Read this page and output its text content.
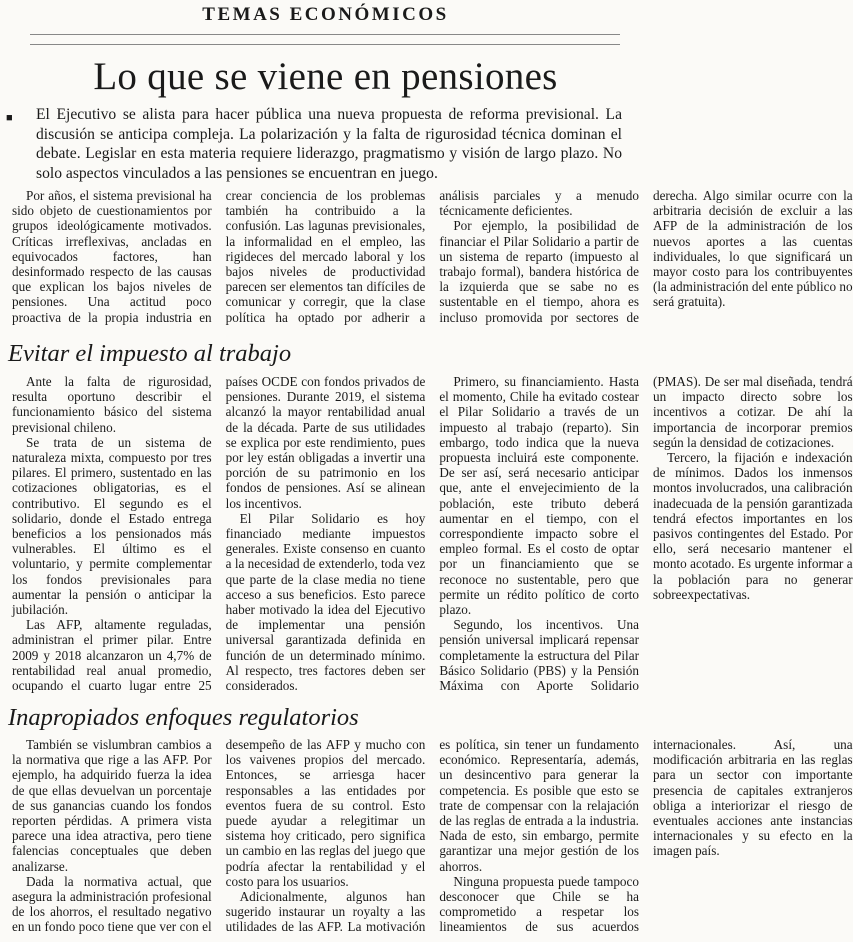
TEMAS ECONÓMICOS
Lo que se viene en pensiones
■ El Ejecutivo se alista para hacer pública una nueva propuesta de reforma previsional. La discusión se anticipa compleja. La polarización y la falta de rigurosidad técnica dominan el debate. Legislar en esta materia requiere liderazgo, pragmatismo y visión de largo plazo. No solo aspectos vinculados a las pensiones se encuentran en juego.

Por años, el sistema previsional ha sido objeto de cuestionamientos por grupos ideológicamente motivados. Críticas irreflexivas, ancladas en equivocados factores, han desinformado respecto de las causas que explican los bajos niveles de pensiones. Una actitud poco proactiva de la propia industria en crear conciencia de los problemas también ha contribuido a la confusión. Las lagunas previsionales, la informalidad en el empleo, las rigideces del mercado laboral y los bajos niveles de productividad parecen ser elementos tan difíciles de comunicar y corregir, que la clase política ha optado por adherir a análisis parciales y a menudo técnicamente deficientes.

Por ejemplo, la posibilidad de financiar el Pilar Solidario a partir de un sistema de reparto (impuesto al trabajo formal), bandera histórica de la izquierda que se sabe no es sustentable en el tiempo, ahora es incluso promovida por sectores de derecha. Algo similar ocurre con la arbitraria decisión de excluir a las AFP de la administración de los nuevos aportes a las cuentas individuales, lo que significará un mayor costo para los contribuyentes (la administración del ente público no será gratuita).

Evitar el impuesto al trabajo

Ante la falta de rigurosidad, resulta oportuno describir el funcionamiento básico del sistema previsional chileno.

Se trata de un sistema de naturaleza mixta, compuesto por tres pilares. El primero, sustentado en las cotizaciones obligatorias, es el contributivo. El segundo es el solidario, donde el Estado entrega beneficios a los pensionados más vulnerables. El último es el voluntario, y permite complementar los fondos previsionales para aumentar la pensión o anticipar la jubilación.

Las AFP, altamente reguladas, administran el primer pilar. Entre 2009 y 2018 alcanzaron un 4,7% de rentabilidad real anual promedio, ocupando el cuarto lugar entre 25 países OCDE con fondos privados de pensiones. Durante 2019, el sistema alcanzó la mayor rentabilidad anual de la década. Parte de sus utilidades se explica por este rendimiento, pues por ley están obligadas a invertir una porción de su patrimonio en los fondos de pensiones. Así se alinean los incentivos.

El Pilar Solidario es hoy financiado mediante impuestos generales. Existe consenso en cuanto a la necesidad de extenderlo, toda vez que parte de la clase media no tiene acceso a sus beneficios. Esto parece haber motivado la idea del Ejecutivo de implementar una pensión universal garantizada definida en función de un determinado mínimo. Al respecto, tres factores deben ser considerados.

Primero, su financiamiento. Hasta el momento, Chile ha evitado costear el Pilar Solidario a través de un impuesto al trabajo (reparto). Sin embargo, todo indica que la nueva propuesta incluirá este componente. De ser así, será necesario anticipar que, ante el envejecimiento de la población, este tributo deberá aumentar en el tiempo, con el correspondiente impacto sobre el empleo formal. Es el costo de optar por un financiamiento que se reconoce no sustentable, pero que permite un rédito político de corto plazo.

Segundo, los incentivos. Una pensión universal implicará repensar completamente la estructura del Pilar Básico Solidario (PBS) y la Pensión Máxima con Aporte Solidario (PMAS). De ser mal diseñada, tendrá un impacto directo sobre los incentivos a cotizar. De ahí la importancia de incorporar premios según la densidad de cotizaciones.

Tercero, la fijación e indexación de mínimos. Dados los inmensos montos involucrados, una calibración inadecuada de la pensión garantizada tendrá efectos importantes en los pasivos contingentes del Estado. Por ello, será necesario mantener el monto acotado. Es urgente informar a la población para no generar sobreexpectativas.

Inapropiados enfoques regulatorios

También se vislumbran cambios a la normativa que rige a las AFP. Por ejemplo, ha adquirido fuerza la idea de que ellas devuelvan un porcentaje de sus ganancias cuando los fondos reporten pérdidas. A primera vista parece una idea atractiva, pero tiene falencias conceptuales que deben analizarse.

Dada la normativa actual, que asegura la administración profesional de los ahorros, el resultado negativo en un fondo poco tiene que ver con el desempeño de las AFP y mucho con los vaivenes propios del mercado. Entonces, se arriesga hacer responsables a las entidades por eventos fuera de su control. Esto puede ayudar a relegitimar un sistema hoy criticado, pero significa un cambio en las reglas del juego que podría afectar la rentabilidad y el costo para los usuarios.

Adicionalmente, algunos han sugerido instaurar un royalty a las utilidades de las AFP. La motivación es política, sin tener un fundamento económico. Representaría, además, un desincentivo para generar la competencia. Es posible que esto se trate de compensar con la relajación de las reglas de entrada a la industria. Nada de esto, sin embargo, permite garantizar una mejor gestión de los ahorros.

Ninguna propuesta puede tampoco desconocer que Chile se ha comprometido a respetar los lineamientos de sus acuerdos internacionales. Así, una modificación arbitraria en las reglas para un sector con importante presencia de capitales extranjeros obliga a interiorizar el riesgo de eventuales acciones ante instancias internacionales y su efecto en la imagen país.
